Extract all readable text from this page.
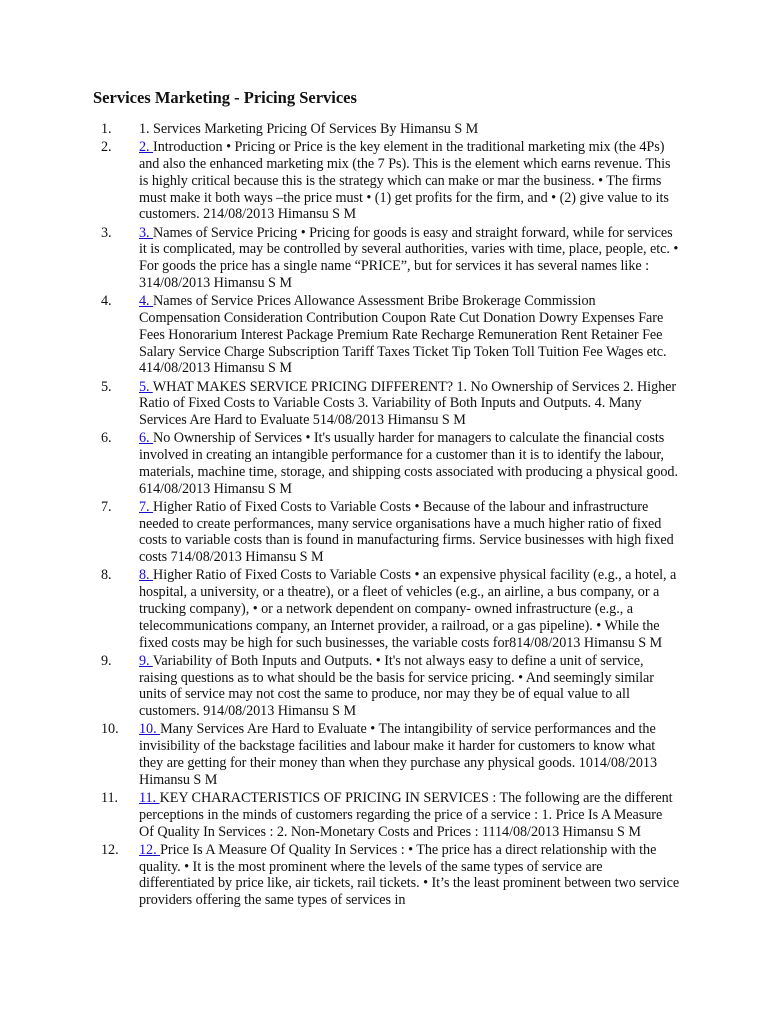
Services Marketing - Pricing Services
1.	1. Services Marketing Pricing Of Services By Himansu S M
2.	2. Introduction • Pricing or Price is the key element in the traditional marketing mix (the 4Ps) and also the enhanced marketing mix (the 7 Ps). This is the element which earns revenue. This is highly critical because this is the strategy which can make or mar the business. • The firms must make it both ways –the price must • (1) get profits for the firm, and • (2) give value to its customers. 214/08/2013 Himansu S M
3.	3. Names of Service Pricing • Pricing for goods is easy and straight forward, while for services it is complicated, may be controlled by several authorities, varies with time, place, people, etc. • For goods the price has a single name “PRICE”, but for services it has several names like : 314/08/2013 Himansu S M
4.	4. Names of Service Prices Allowance Assessment Bribe Brokerage Commission Compensation Consideration Contribution Coupon Rate Cut Donation Dowry Expenses Fare Fees Honorarium Interest Package Premium Rate Recharge Remuneration Rent Retainer Fee Salary Service Charge Subscription Tariff Taxes Ticket Tip Token Toll Tuition Fee Wages etc. 414/08/2013 Himansu S M
5.	5. WHAT MAKES SERVICE PRICING DIFFERENT? 1. No Ownership of Services 2. Higher Ratio of Fixed Costs to Variable Costs 3. Variability of Both Inputs and Outputs. 4. Many Services Are Hard to Evaluate 514/08/2013 Himansu S M
6.	6. No Ownership of Services • It's usually harder for managers to calculate the financial costs involved in creating an intangible performance for a customer than it is to identify the labour, materials, machine time, storage, and shipping costs associated with producing a physical good. 614/08/2013 Himansu S M
7.	7. Higher Ratio of Fixed Costs to Variable Costs • Because of the labour and infrastructure needed to create performances, many service organisations have a much higher ratio of fixed costs to variable costs than is found in manufacturing firms. Service businesses with high fixed costs 714/08/2013 Himansu S M
8.	8. Higher Ratio of Fixed Costs to Variable Costs • an expensive physical facility (e.g., a hotel, a hospital, a university, or a theatre), or a fleet of vehicles (e.g., an airline, a bus company, or a trucking company), • or a network dependent on company- owned infrastructure (e.g., a telecommunications company, an Internet provider, a railroad, or a gas pipeline). • While the fixed costs may be high for such businesses, the variable costs for814/08/2013 Himansu S M
9.	9. Variability of Both Inputs and Outputs. • It's not always easy to define a unit of service, raising questions as to what should be the basis for service pricing. • And seemingly similar units of service may not cost the same to produce, nor may they be of equal value to all customers. 914/08/2013 Himansu S M
10.	10. Many Services Are Hard to Evaluate • The intangibility of service performances and the invisibility of the backstage facilities and labour make it harder for customers to know what they are getting for their money than when they purchase any physical goods. 1014/08/2013 Himansu S M
11.	11. KEY CHARACTERISTICS OF PRICING IN SERVICES : The following are the different perceptions in the minds of customers regarding the price of a service : 1. Price Is A Measure Of Quality In Services : 2. Non-Monetary Costs and Prices : 1114/08/2013 Himansu S M
12.	12. Price Is A Measure Of Quality In Services : • The price has a direct relationship with the quality. • It is the most prominent where the levels of the same types of service are differentiated by price like, air tickets, rail tickets. • It’s the least prominent between two service providers offering the same types of services in
